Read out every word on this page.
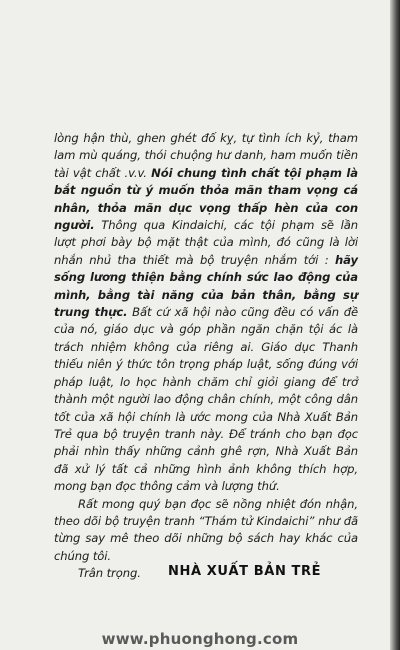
lòng hận thù, ghen ghét đố kỵ, tự tình ích kỷ, tham lam mù quáng, thói chuộng hư danh, ham muốn tiền tài vật chất .v.v. Nói chung tình chất tội phạm là bắt nguồn từ ý muốn thỏa mãn tham vọng cá nhân, thỏa mãn dục vọng thấp hèn của con người. Thông qua Kindaichi, các tội phạm sẽ lần lượt phơi bày bộ mặt thật của mình, đó cũng là lời nhắn nhủ tha thiết mà bộ truyện nhắm tới : hãy sống lương thiện bằng chính sức lao động của mình, bằng tài năng của bản thân, bằng sự trung thực. Bất cứ xã hội nào cũng đều có vấn đề của nó, giáo dục và góp phần ngăn chặn tội ác là trách nhiệm không của riêng ai. Giáo dục Thanh thiếu niên ý thức tôn trọng pháp luật, sống đúng với pháp luật, lo học hành chăm chỉ giỏi giang để trở thành một người lao động chân chính, một công dân tốt của xã hội chính là ước mong của Nhà Xuất Bản Trẻ qua bộ truyện tranh này. Để tránh cho bạn đọc phải nhìn thấy những cảnh ghê rợn, Nhà Xuất Bản đã xử lý tất cả những hình ảnh không thích hợp, mong bạn đọc thông cảm và lượng thứ.

Rất mong quý bạn đọc sẽ nồng nhiệt đón nhận, theo dõi bộ truyện tranh “Thám tử Kindaichi” như đã từng say mê theo dõi những bộ sách hay khác của chúng tôi.

Trân trọng.	NHÀ XUẤT BẢN TRẺ
www.phuonghong.com
